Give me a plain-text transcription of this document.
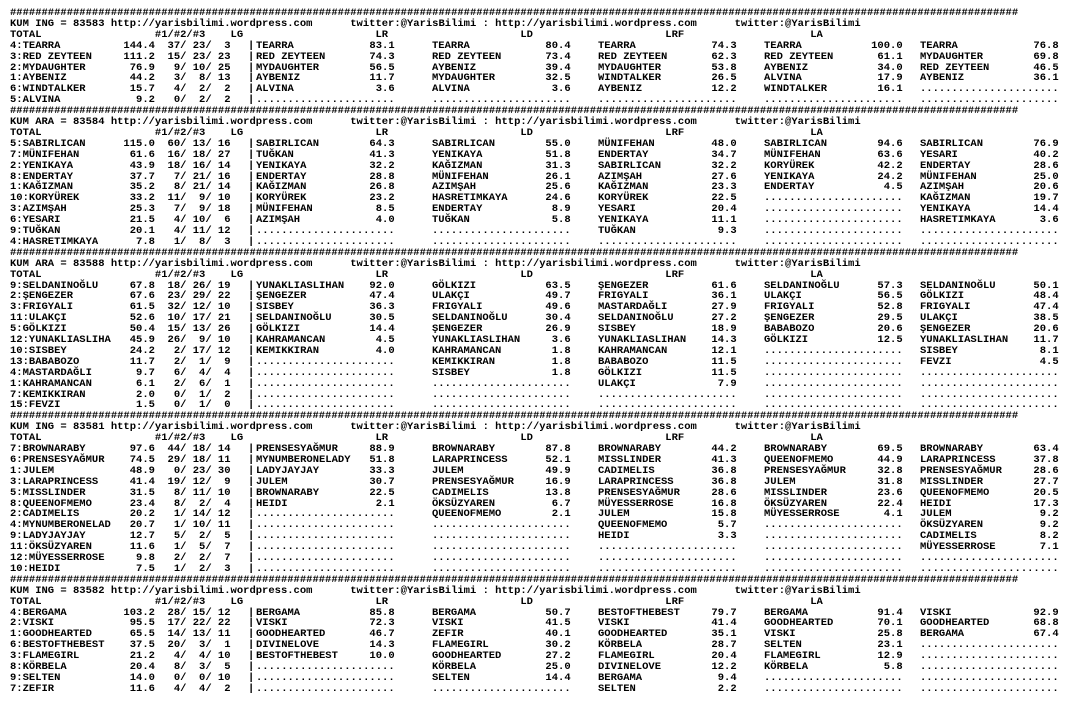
################################################################################################################################################################
KUM ING = 83583 http://yarisbilimi.wordpress.com      twitter:@YarisBilimi : http://yarisbilimi.wordpress.com      twitter:@YarisBilimi
TOTAL                  #1/#2/#3    LG                     LR                     LD                     LRF                    LA
4:TEARRA          144.4  37/ 23/  3 | TEARRA            83.1	TEARRA            80.4	TEARRA            74.3	TEARRA           100.0 TEARRA            76.8
3:RED ZEYTEEN     111.2  15/ 23/ 23 | RED ZEYTEEN       74.3	RED ZEYTEEN       73.4	RED ZEYTEEN       62.3	RED ZEYTEEN       61.1 MYDAUGHTER        69.8
2:MYDAUGHTER       76.9   9/ 10/ 25 | MYDAUGHTER        56.5	AYBENIZ           39.4	MYDAUGHTER        53.8	AYBENIZ           34.0 RED ZEYTEEN       46.5
1:AYBENIZ          44.2   3/  8/ 13 | AYBENIZ           11.7	MYDAUGHTER        32.5	WINDTALKER        26.5	ALVINA            17.9 AYBENIZ           36.1
6:WINDTALKER       15.7   4/  2/  2 | ALVINA             3.6	ALVINA             3.6	AYBENIZ           12.2	WINDTALKER        16.1 ......................
5:ALVINA            9.2   0/  2/  2 | ......................	......................	......................	...................... ......................
################################################################################################################################################################
KUM ARA = 83584 http://yarisbilimi.wordpress.com      twitter:@YarisBilimi : http://yarisbilimi.wordpress.com      twitter:@YarisBilimi
TOTAL                  #1/#2/#3    LG                     LR                     LD                     LRF                    LA
5:SABIRLICAN      115.0  60/ 13/ 16 | SABIRLICAN        64.3	SABIRLICAN        55.0	MÜNIFEHAN         48.0	SABIRLICAN        94.6 SABIRLICAN        76.9
7:MÜNIFEHAN        61.6  16/ 18/ 27 | TUĞKAN            41.3	YENIKAYA          51.8	ENDERTAY          34.7	MÜNIFEHAN         63.6 YESARI            40.2
2:YENIKAYA         43.9  18/ 16/ 14 | YENIKAYA          32.2	KAĞIZMAN          31.3	SABIRLICAN        32.2	KORYÜREK          42.2 ENDERTAY          28.6
8:ENDERTAY         37.7   7/ 21/ 16 | ENDERTAY          28.8	MÜNIFEHAN         26.1	AZIMŞAH           27.6	YENIKAYA          24.2 MÜNIFEHAN         25.0
1:KAĞIZMAN         35.2   8/ 21/ 14 | KAĞIZMAN          26.8	AZIMŞAH           25.6	KAĞIZMAN          23.3	ENDERTAY           4.5 AZIMŞAH           20.6
10:KORYÜREK        33.2  11/  9/ 10 | KORYÜREK          23.2	HASRETIMKAYA      24.6	KORYÜREK          22.5	...................... KAĞIZMAN          19.7
3:AZIMŞAH          25.3   7/  9/ 18 | MÜNIFEHAN          8.5	ENDERTAY           8.9	YESARI            20.4	...................... YENIKAYA          14.4
6:YESARI           21.5   4/ 10/  6 | AZIMŞAH            4.0	TUĞKAN             5.8	YENIKAYA          11.1	...................... HASRETIMKAYA       3.6
9:TUĞKAN           20.1   4/ 11/ 12 | ......................	......................	TUĞKAN             9.3	...................... ......................
4:HASRETIMKAYA      7.8   1/  8/  3 | ......................	......................	......................	...................... ......................
################################################################################################################################################################
KUM ARA = 83588 http://yarisbilimi.wordpress.com      twitter:@YarisBilimi : http://yarisbilimi.wordpress.com      twitter:@YarisBilimi
TOTAL                  #1/#2/#3    LG                     LR                     LD                     LRF                    LA
9:SELDANINOĞLU     67.8  18/ 26/ 19 | YUNAKLIASLIHAN    92.0	GÖLKIZI           63.5	ŞENGEZER          61.6	SELDANINOĞLU      57.3 SELDANINOĞLU      50.1
2:ŞENGEZER         67.6  23/ 29/ 22 | ŞENGEZER          47.4	ULAKÇI            49.7	FRIGYALI          36.1	ULAKÇI            56.5 GÖLKIZI           48.4
3:FRIGYALI         61.5  32/ 12/ 10 | SISBEY            36.3	FRIGYALI          49.6	MASTARDAĞLI       27.9	FRIGYALI          52.8 FRIGYALI          47.4
11:ULAKÇI          52.6  10/ 17/ 21 | SELDANINOĞLU      30.5	SELDANINOĞLU      30.4	SELDANINOĞLU      27.2	ŞENGEZER          29.5 ULAKÇI            38.5
5:GÖLKIZI          50.4  15/ 13/ 26 | GÖLKIZI           14.4	ŞENGEZER          26.9	SISBEY            18.9	BABABOZO          20.6 ŞENGEZER          20.6
12:YUNAKLIASLIHA   45.9  26/  9/ 10 | KAHRAMANCAN        4.5	YUNAKLIASLIHAN     3.6	YUNAKLIASLIHAN    14.3	GÖLKIZI           12.5 YUNAKLIASLIHAN    11.7
10:SISBEY          24.2   2/ 17/ 12 | KEMIKKIRAN         4.0	KAHRAMANCAN        1.8	KAHRAMANCAN       12.1	...................... SISBEY             8.1
13:BABABOZO        11.7   2/  1/  9 | ......................	KEMIKKIRAN         1.8	BABABOZO          11.5	...................... FEVZI              4.5
4:MASTARDAĞLI       9.7   6/  4/  4 | ......................	SISBEY             1.8	GÖLKIZI           11.5	...................... ......................
1:KAHRAMANCAN       6.1   2/  6/  1 | ......................	......................	ULAKÇI             7.9	...................... ......................
7:KEMIKKIRAN        2.0   0/  1/  2 | ......................	......................	......................	...................... ......................
15:FEVZI            1.5   0/  1/  0 | ......................	......................	......................	...................... ......................
################################################################################################################################################################
KUM ING = 83581 http://yarisbilimi.wordpress.com      twitter:@YarisBilimi : http://yarisbilimi.wordpress.com      twitter:@YarisBilimi
TOTAL                  #1/#2/#3    LG                     LR                     LD                     LRF                    LA
7:BROWNARABY       97.6  44/ 18/ 14 | PRENSESYAĞMUR     88.9	BROWNARABY        87.8	BROWNARABY        44.2	BROWNARABY        69.5 BROWNARABY        63.4
6:PRENSESYAĞMUR    74.5  29/ 18/ 11 | MYNUMBERONELADY   51.8	LARAPRINCESS      52.1	MISSLINDER        41.3	QUEENOFMEMO       44.9 LARAPRINCESS      37.8
1:JULEM            48.9   0/ 23/ 30 | LADYJAYJAY        33.3	JULEM             49.9	CADIMELIS         36.8	PRENSESYAĞMUR     32.8 PRENSESYAĞMUR     28.6
3:LARAPRINCESS     41.4  19/ 12/  9 | JULEM             30.7	PRENSESYAĞMUR     16.9	LARAPRINCESS      36.8	JULEM             31.8 MISSLINDER        27.7
5:MISSLINDER       31.5   8/ 11/ 10 | BROWNARABY        22.5	CADIMELIS         13.8	PRENSESYAĞMUR     28.6	MISSLINDER        23.6 QUEENOFMEMO       20.5
8:QUEENOFMEMO      23.4   8/  2/  4 | HEIDI              2.1	ÖKSÜZYAREN         6.7	MÜYESSERROSE      16.8	ÖKSÜZYAREN        22.4 HEIDI             17.3
2:CADIMELIS        20.2   1/ 14/ 12 | ......................	QUEENOFMEMO        2.1	JULEM             15.8	MÜYESSERROSE       4.1 JULEM              9.2
4:MYNUMBERONELAD   20.7   1/ 10/ 11 | ......................	......................	QUEENOFMEMO        5.7	...................... ÖKSÜZYAREN         9.2
9:LADYJAYJAY       12.7   5/  2/  5 | ......................	......................	HEIDI              3.3	...................... CADIMELIS          8.2
11:ÖKSÜZYAREN      11.6   1/  5/  7 | ......................	......................	......................	...................... MÜYESSERROSE       7.1
12:MÜYESSERROSE     9.8   2/  2/  7 | ......................	......................	......................	...................... ......................
10:HEIDI            7.5   1/  2/  3 | ......................	......................	......................	...................... ......................
################################################################################################################################################################
KUM ING = 83582 http://yarisbilimi.wordpress.com      twitter:@YarisBilimi : http://yarisbilimi.wordpress.com      twitter:@YarisBilimi
TOTAL                  #1/#2/#3    LG                     LR                     LD                     LRF                    LA
4:BERGAMA         103.2  28/ 15/ 12 | BERGAMA           85.8	BERGAMA           50.7	BESTOFTHEBEST     79.7	BERGAMA           91.4 VISKI             92.9
2:VISKI            95.5  17/ 22/ 22 | VISKI             72.3	VISKI             41.5	VISKI             41.4	GOODHEARTED       70.1 GOODHEARTED       68.8
1:GOODHEARTED      65.5  14/ 13/ 11 | GOODHEARTED       46.7	ZEFIR             40.1	GOODHEARTED       35.1	VISKI             25.8 BERGAMA           67.4
6:BESTOFTHEBEST    37.5  20/  3/  1 | DIVINELOVE        14.3	FLAMEGIRL         30.2	KÖRBELA           28.7	SELTEN            23.1 ......................
3:FLAMEGIRL        21.2   4/  4/ 10 | BESTOFTHEBEST     10.0	GOODHEARTED       27.2	FLAMEGIRL         20.4	FLAMEGIRL         12.9 ......................
8:KÖRBELA          20.4   8/  3/  5 | ......................	KÖRBELA           25.0	DIVINELOVE        12.2	KÖRBELA            5.8 ......................
9:SELTEN           14.0   0/  0/ 10 | ......................	SELTEN            14.4	BERGAMA            9.4	...................... ......................
7:ZEFIR            11.6   4/  4/  2 | ......................	......................	SELTEN             2.2	...................... ......................
